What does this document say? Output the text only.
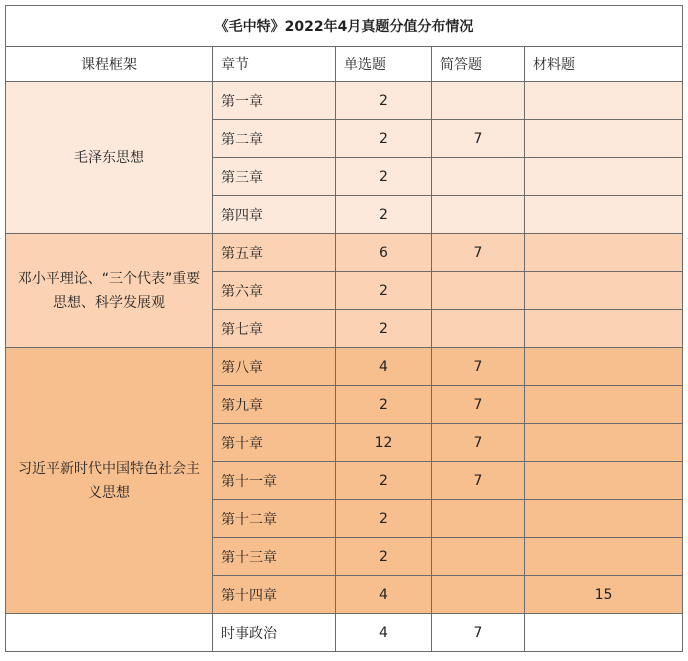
《毛中特》2022年4月真题分值分布情况				
课程框架	章节	单选题	简答题	材料题
毛泽东思想	第一章	2		
	第二章	2	7	
	第三章	2		
	第四章	2		
邓小平理论、“三个代表”重要思想、科学发展观	第五章	6	7	
	第六章	2		
	第七章	2		
习近平新时代中国特色社会主义思想	第八章	4	7	
	第九章	2	7	
	第十章	12	7	
	第十一章	2	7	
	第十二章	2		
	第十三章	2		
	第十四章	4		15
	时事政治	4	7	
